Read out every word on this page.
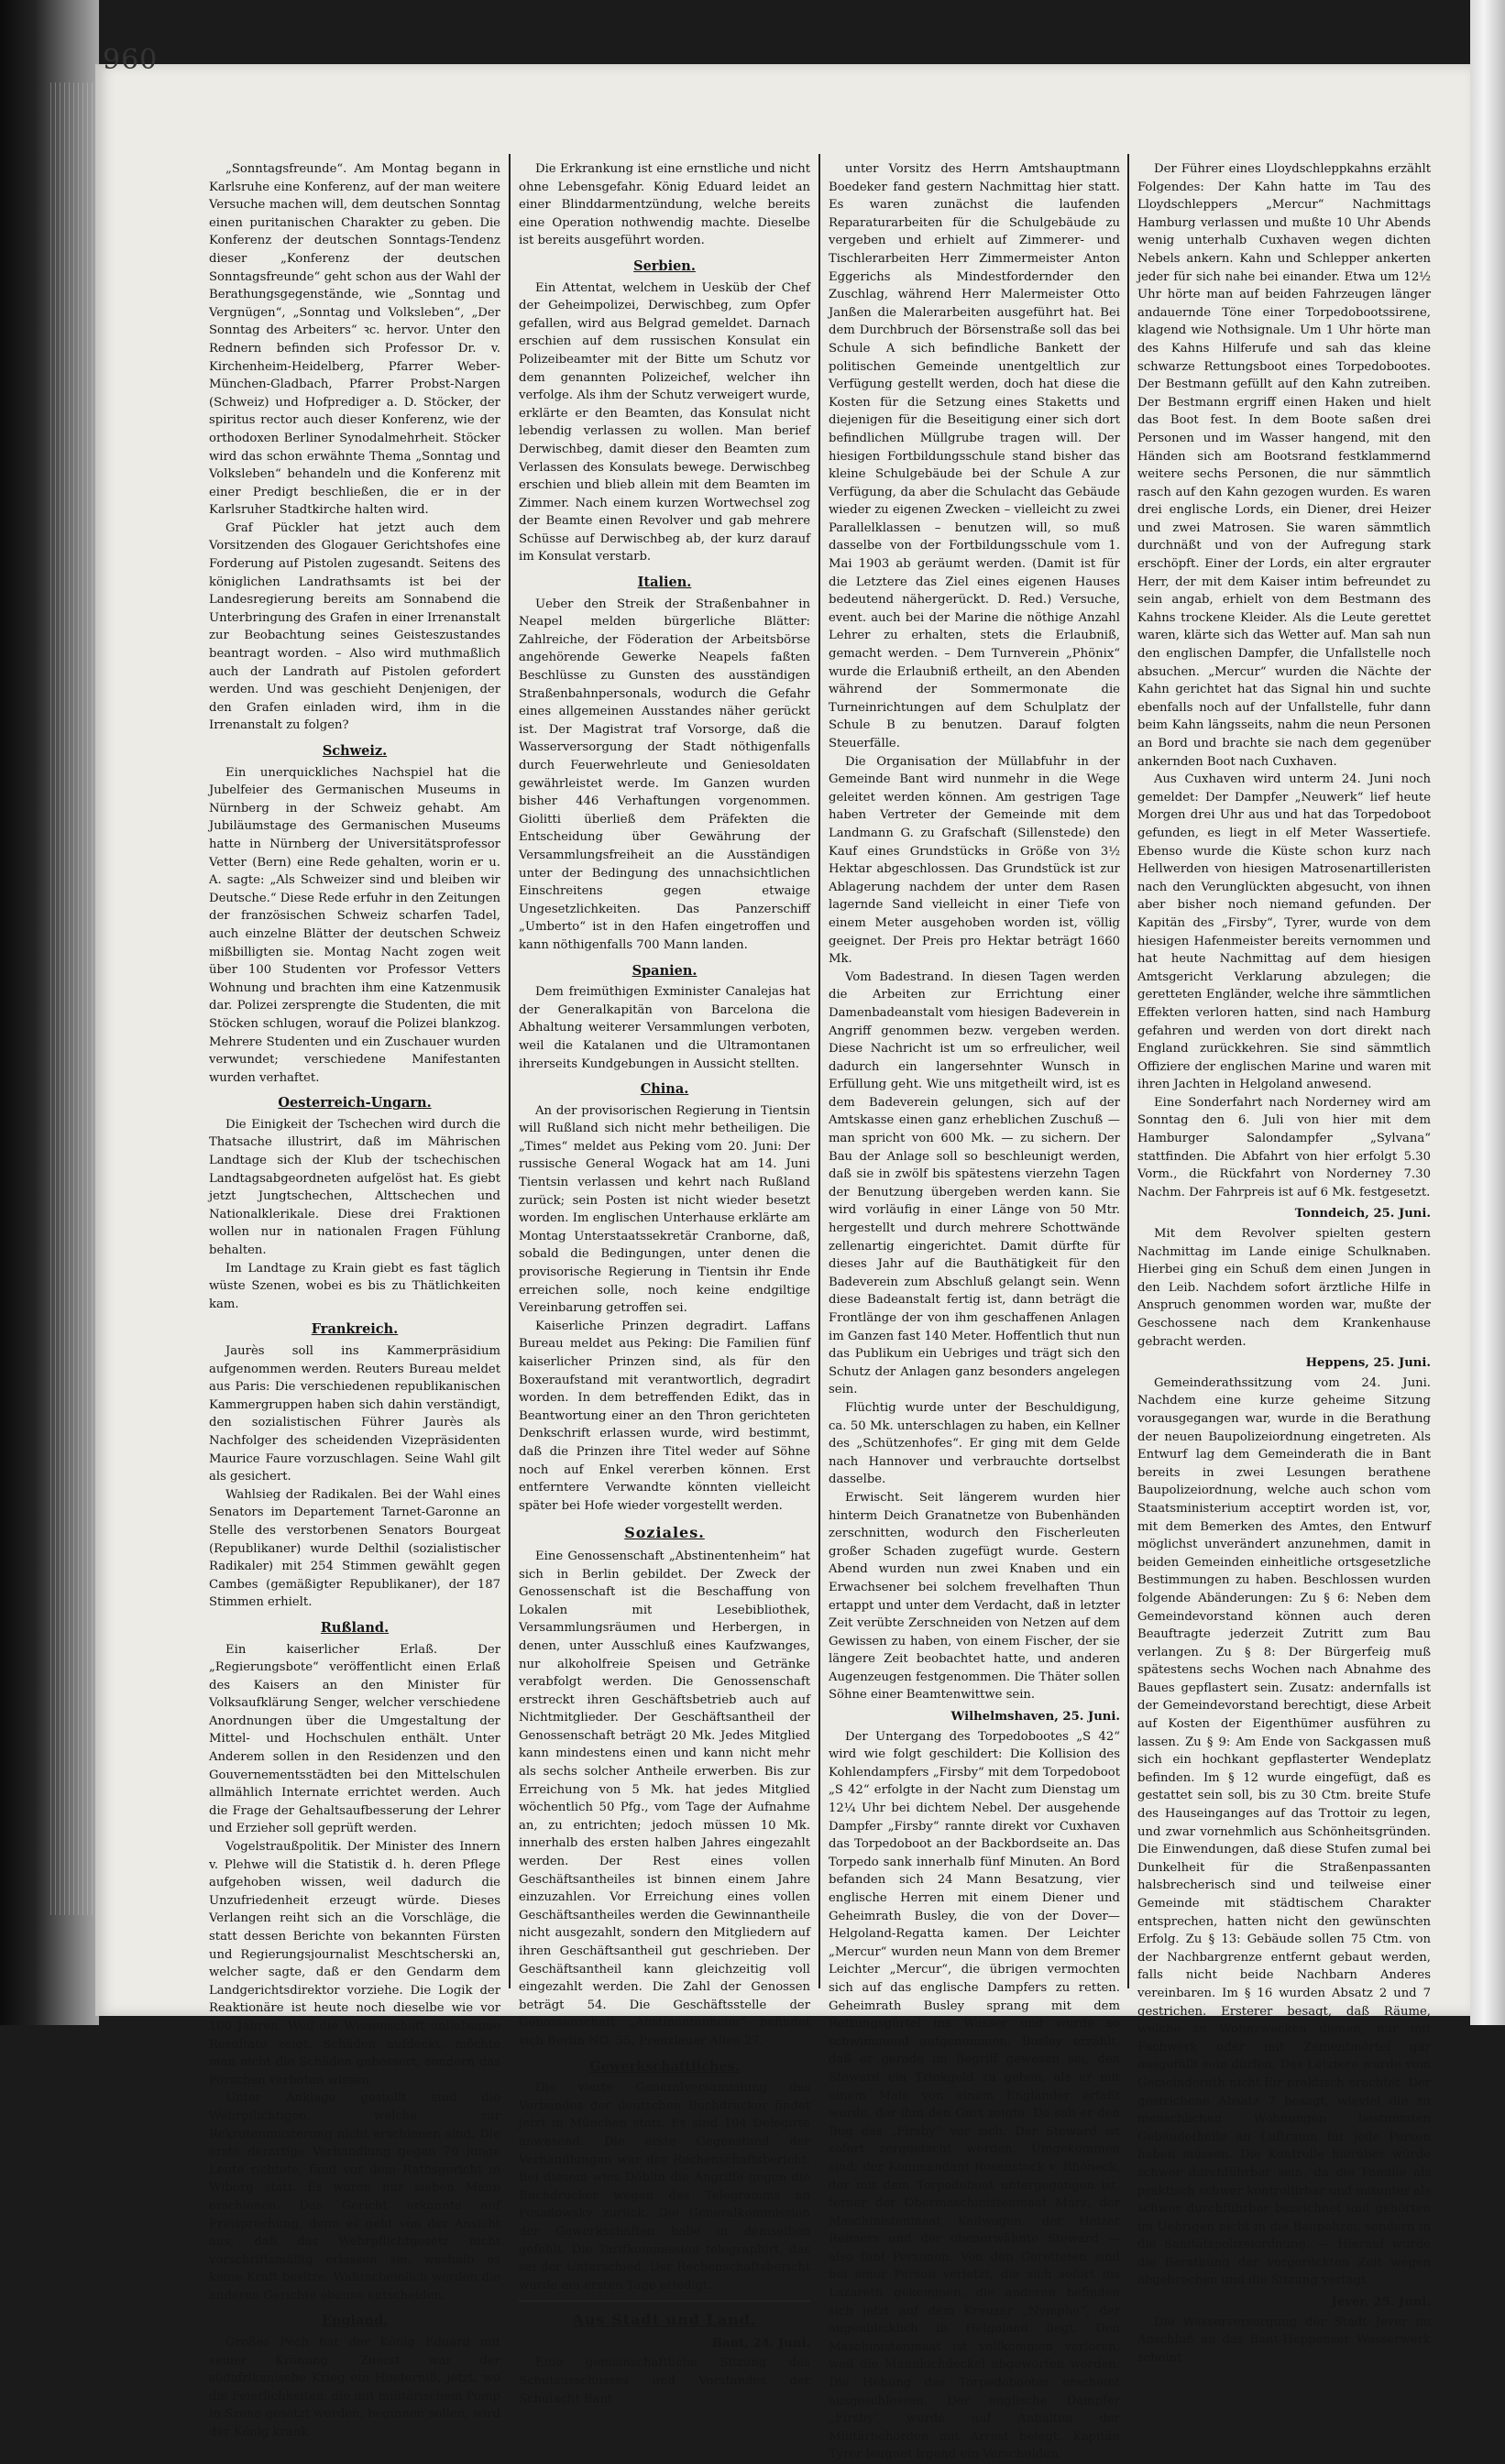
960

„Sonntagsfreunde“. Am Montag begann in Karlsruhe eine Konferenz, auf der man weitere Versuche machen will, dem deutschen Sonntag einen puritanischen Charakter zu geben. Die Konferenz der deutschen Sonntags-Tendenz dieser „Konferenz der deutschen Sonntagsfreunde“ geht schon aus der Wahl der Berathungsgegenstände, wie „Sonntag und Vergnügen“, „Sonntag und Volksleben“, „Der Sonntag des Arbeiters“ ꝛc. hervor. Unter den Rednern befinden sich Professor Dr. v. Kirchenheim-Heidelberg, Pfarrer Weber-München-Gladbach, Pfarrer Probst-Nargen (Schweiz) und Hofprediger a. D. Stöcker, der spiritus rector auch dieser Konferenz, wie der orthodoxen Berliner Synodalmehrheit. Stöcker wird das schon erwähnte Thema „Sonntag und Volksleben“ behandeln und die Konferenz mit einer Predigt beschließen, die er in der Karlsruher Stadtkirche halten wird.

Graf Pückler hat jetzt auch dem Vorsitzenden des Glogauer Gerichtshofes eine Forderung auf Pistolen zugesandt. Seitens des königlichen Landrathsamts ist bei der Landesregierung bereits am Sonnabend die Unterbringung des Grafen in einer Irrenanstalt zur Beobachtung seines Geisteszustandes beantragt worden. – Also wird muthmaßlich auch der Landrath auf Pistolen gefordert werden. Und was geschieht Denjenigen, der den Grafen einladen wird, ihm in die Irrenanstalt zu folgen?

Schweiz.

Ein unerquickliches Nachspiel hat die Jubelfeier des Germanischen Museums in Nürnberg in der Schweiz gehabt. Am Jubiläumstage des Germanischen Museums hatte in Nürnberg der Universitätsprofessor Vetter (Bern) eine Rede gehalten, worin er u. A. sagte: „Als Schweizer sind und bleiben wir Deutsche.“ Diese Rede erfuhr in den Zeitungen der französischen Schweiz scharfen Tadel, auch einzelne Blätter der deutschen Schweiz mißbilligten sie. Montag Nacht zogen weit über 100 Studenten vor Professor Vetters Wohnung und brachten ihm eine Katzenmusik dar. Polizei zersprengte die Studenten, die mit Stöcken schlugen, worauf die Polizei blankzog. Mehrere Studenten und ein Zuschauer wurden verwundet; verschiedene Manifestanten wurden verhaftet.

Oesterreich-Ungarn.

Die Einigkeit der Tschechen wird durch die Thatsache illustrirt, daß im Mährischen Landtage sich der Klub der tschechischen Landtagsabgeordneten aufgelöst hat. Es giebt jetzt Jungtschechen, Alttschechen und Nationalklerikale. Diese drei Fraktionen wollen nur in nationalen Fragen Fühlung behalten.

Im Landtage zu Krain giebt es fast täglich wüste Szenen, wobei es bis zu Thätlichkeiten kam.

Frankreich.

Jaurès soll ins Kammerpräsidium aufgenommen werden. Reuters Bureau meldet aus Paris: Die verschiedenen republikanischen Kammergruppen haben sich dahin verständigt, den sozialistischen Führer Jaurès als Nachfolger des scheidenden Vizepräsidenten Maurice Faure vorzuschlagen. Seine Wahl gilt als gesichert.

Wahlsieg der Radikalen. Bei der Wahl eines Senators im Departement Tarnet-Garonne an Stelle des verstorbenen Senators Bourgeat (Republikaner) wurde Delthil (sozialistischer Radikaler) mit 254 Stimmen gewählt gegen Cambes (gemäßigter Republikaner), der 187 Stimmen erhielt.

Rußland.

Ein kaiserlicher Erlaß. Der „Regierungsbote“ veröffentlicht einen Erlaß des Kaisers an den Minister für Volksaufklärung Senger, welcher verschiedene Anordnungen über die Umgestaltung der Mittel- und Hochschulen enthält. Unter Anderem sollen in den Residenzen und den Gouvernementsstädten bei den Mittelschulen allmählich Internate errichtet werden. Auch die Frage der Gehaltsaufbesserung der Lehrer und Erzieher soll geprüft werden.

Vogelstraußpolitik. Der Minister des Innern v. Plehwe will die Statistik d. h. deren Pflege aufgehoben wissen, weil dadurch die Unzufriedenheit erzeugt würde. Dieses Verlangen reiht sich an die Vorschläge, die statt dessen Berichte von bekannten Fürsten und Regierungsjournalist Meschtscherski an, welcher sagte, daß er den Gendarm dem Landgerichtsdirektor vorziehe. Die Logik der Reaktionäre ist heute noch dieselbe wie vor 100 Jahren. Weil die Wissenschaft unliebsame Resultate zeigt, Schäden aufdeckt, möchte man nicht die Schäden gebessert, sondern das Forschen verboten wissen.

Unter Anklage gestellt sind die Wehrpflichtigen, welche zur Rekrutenmusterung nicht erschienen sind. Die erste derartige Verhandlung gegen 70 junge Leute richtete, fand vor dem Rathsgericht in Wiborg statt. Es waren nur sieben Mann erschienen. Das Gericht erkannte auf Freisprechung, denn es geht von der Ansicht aus, daß das Wehrpflichtgesetz nicht vorschriftsmäßig erlassen sei, weshalb es keine Kraft besitze. Wahrscheinlich werden die anderen Gerichte ebenso entscheiden.

England.

Großes Pech hat der König Eduard mit seiner Krönung. Zuerst war der südafrikanische Krieg ein Hinderniß, jetzt, wo die Feierlichkeiten, die mit militärischem Pomp in Szene gesetzt werden, beginnen sollen, wird der König krank.

Die Erkrankung ist eine ernstliche und nicht ohne Lebensgefahr. König Eduard leidet an einer Blinddarmentzündung, welche bereits eine Operation nothwendig machte. Dieselbe ist bereits ausgeführt worden.

Serbien.

Ein Attentat, welchem in Uesküb der Chef der Geheimpolizei, Derwischbeg, zum Opfer gefallen, wird aus Belgrad gemeldet. Darnach erschien auf dem russischen Konsulat ein Polizeibeamter mit der Bitte um Schutz vor dem genannten Polizeichef, welcher ihn verfolge. Als ihm der Schutz verweigert wurde, erklärte er den Beamten, das Konsulat nicht lebendig verlassen zu wollen. Man berief Derwischbeg, damit dieser den Beamten zum Verlassen des Konsulats bewege. Derwischbeg erschien und blieb allein mit dem Beamten im Zimmer. Nach einem kurzen Wortwechsel zog der Beamte einen Revolver und gab mehrere Schüsse auf Derwischbeg ab, der kurz darauf im Konsulat verstarb.

Italien.

Ueber den Streik der Straßenbahner in Neapel melden bürgerliche Blätter: Zahlreiche, der Föderation der Arbeitsbörse angehörende Gewerke Neapels faßten Beschlüsse zu Gunsten des ausständigen Straßenbahnpersonals, wodurch die Gefahr eines allgemeinen Ausstandes näher gerückt ist. Der Magistrat traf Vorsorge, daß die Wasserversorgung der Stadt nöthigenfalls durch Feuerwehrleute und Geniesoldaten gewährleistet werde. Im Ganzen wurden bisher 446 Verhaftungen vorgenommen. Giolitti überließ dem Präfekten die Entscheidung über Gewährung der Versammlungsfreiheit an die Ausständigen unter der Bedingung des unnachsichtlichen Einschreitens gegen etwaige Ungesetzlichkeiten. Das Panzerschiff „Umberto“ ist in den Hafen eingetroffen und kann nöthigenfalls 700 Mann landen.

Spanien.

Dem freimüthigen Exminister Canalejas hat der Generalkapitän von Barcelona die Abhaltung weiterer Versammlungen verboten, weil die Katalanen und die Ultramontanen ihrerseits Kundgebungen in Aussicht stellten.

China.

An der provisorischen Regierung in Tientsin will Rußland sich nicht mehr betheiligen. Die „Times“ meldet aus Peking vom 20. Juni: Der russische General Wogack hat am 14. Juni Tientsin verlassen und kehrt nach Rußland zurück; sein Posten ist nicht wieder besetzt worden. Im englischen Unterhause erklärte am Montag Unterstaatssekretär Cranborne, daß, sobald die Bedingungen, unter denen die provisorische Regierung in Tientsin ihr Ende erreichen solle, noch keine endgiltige Vereinbarung getroffen sei.

Kaiserliche Prinzen degradirt. Laffans Bureau meldet aus Peking: Die Familien fünf kaiserlicher Prinzen sind, als für den Boxeraufstand mit verantwortlich, degradirt worden. In dem betreffenden Edikt, das in Beantwortung einer an den Thron gerichteten Denkschrift erlassen wurde, wird bestimmt, daß die Prinzen ihre Titel weder auf Söhne noch auf Enkel vererben können. Erst entferntere Verwandte könnten vielleicht später bei Hofe wieder vorgestellt werden.

Soziales.

Eine Genossenschaft „Abstinentenheim“ hat sich in Berlin gebildet. Der Zweck der Genossenschaft ist die Beschaffung von Lokalen mit Lesebibliothek, Versammlungsräumen und Herbergen, in denen, unter Ausschluß eines Kaufzwanges, nur alkoholfreie Speisen und Getränke verabfolgt werden. Die Genossenschaft erstreckt ihren Geschäftsbetrieb auch auf Nichtmitglieder. Der Geschäftsantheil der Genossenschaft beträgt 20 Mk. Jedes Mitglied kann mindestens einen und kann nicht mehr als sechs solcher Antheile erwerben. Bis zur Erreichung von 5 Mk. hat jedes Mitglied wöchentlich 50 Pfg., vom Tage der Aufnahme an, zu entrichten; jedoch müssen 10 Mk. innerhalb des ersten halben Jahres eingezahlt werden. Der Rest eines vollen Geschäftsantheiles ist binnen einem Jahre einzuzahlen. Vor Erreichung eines vollen Geschäftsantheiles werden die Gewinnantheile nicht ausgezahlt, sondern den Mitgliedern auf ihren Geschäftsantheil gut geschrieben. Der Geschäftsantheil kann gleichzeitig voll eingezahlt werden. Die Zahl der Genossen beträgt 54. Die Geschäftsstelle der Genossenschaft „Abstinentenheim“ befindet sich Berlin NO. 55, Prenzlauer Allee 27.

Gewerkschaftliches.

Die vierte Generalversammlung des Verbandes der deutschen Buchdrucker findet jetzt in München statt. Es sind 104 Delegirte anwesend. Die erste Gegenstand der Verhandlungen war der Rechenschaftsbericht. Bei diesem wies Döblin die Angriffe gegen die Buchdrucker wegen des Telegramms an Posadowsky zurück. Die Generalkommission der Gewerkschaften habe in demselben gefehlt. Die Tarifkommission telegraphirt, das sei der Unterschied. Der Rechenschaftsbericht wurde am ersten Tage erledigt.

Aus Stadt und Land.
Bant, 24. Juni.

Eine gemeinschaftliche Sitzung des Schulausschusses und Vorstandes der Schulacht Bant

unter Vorsitz des Herrn Amtshauptmann Boedeker fand gestern Nachmittag hier statt. Es waren zunächst die laufenden Reparaturarbeiten für die Schulgebäude zu vergeben und erhielt auf Zimmerer- und Tischlerarbeiten Herr Zimmermeister Anton Eggerichs als Mindestfordernder den Zuschlag, während Herr Malermeister Otto Janßen die Malerarbeiten ausgeführt hat. Bei dem Durchbruch der Börsenstraße soll das bei Schule A sich befindliche Bankett der politischen Gemeinde unentgeltlich zur Verfügung gestellt werden, doch hat diese die Kosten für die Setzung eines Staketts und diejenigen für die Beseitigung einer sich dort befindlichen Müllgrube tragen will. Der hiesigen Fortbildungsschule stand bisher das kleine Schulgebäude bei der Schule A zur Verfügung, da aber die Schulacht das Gebäude wieder zu eigenen Zwecken – vielleicht zu zwei Parallelklassen – benutzen will, so muß dasselbe von der Fortbildungsschule vom 1. Mai 1903 ab geräumt werden. (Damit ist für die Letztere das Ziel eines eigenen Hauses bedeutend nähergerückt. D. Red.) Versuche, event. auch bei der Marine die nöthige Anzahl Lehrer zu erhalten, stets die Erlaubniß, gemacht werden. – Dem Turnverein „Phönix“ wurde die Erlaubniß ertheilt, an den Abenden während der Sommermonate die Turneinrichtungen auf dem Schulplatz der Schule B zu benutzen. Darauf folgten Steuerfälle.

Die Organisation der Müllabfuhr in der Gemeinde Bant wird nunmehr in die Wege geleitet werden können. Am gestrigen Tage haben Vertreter der Gemeinde mit dem Landmann G. zu Grafschaft (Sillenstede) den Kauf eines Grundstücks in Größe von 3½ Hektar abgeschlossen. Das Grundstück ist zur Ablagerung nachdem der unter dem Rasen lagernde Sand vielleicht in einer Tiefe von einem Meter ausgehoben worden ist, völlig geeignet. Der Preis pro Hektar beträgt 1660 Mk.

Vom Badestrand. In diesen Tagen werden die Arbeiten zur Errichtung einer Damenbadeanstalt vom hiesigen Badeverein in Angriff genommen bezw. vergeben werden. Diese Nachricht ist um so erfreulicher, weil dadurch ein langersehnter Wunsch in Erfüllung geht. Wie uns mitgetheilt wird, ist es dem Badeverein gelungen, sich auf der Amtskasse einen ganz erheblichen Zuschuß — man spricht von 600 Mk. — zu sichern. Der Bau der Anlage soll so beschleunigt werden, daß sie in zwölf bis spätestens vierzehn Tagen der Benutzung übergeben werden kann. Sie wird vorläufig in einer Länge von 50 Mtr. hergestellt und durch mehrere Schottwände zellenartig eingerichtet. Damit dürfte für dieses Jahr auf die Bauthätigkeit für den Badeverein zum Abschluß gelangt sein. Wenn diese Badeanstalt fertig ist, dann beträgt die Frontlänge der von ihm geschaffenen Anlagen im Ganzen fast 140 Meter. Hoffentlich thut nun das Publikum ein Uebriges und trägt sich den Schutz der Anlagen ganz besonders angelegen sein.

Flüchtig wurde unter der Beschuldigung, ca. 50 Mk. unterschlagen zu haben, ein Kellner des „Schützenhofes“. Er ging mit dem Gelde nach Hannover und verbrauchte dortselbst dasselbe.

Erwischt. Seit längerem wurden hier hinterm Deich Granatnetze von Bubenhänden zerschnitten, wodurch den Fischerleuten großer Schaden zugefügt wurde. Gestern Abend wurden nun zwei Knaben und ein Erwachsener bei solchem frevelhaften Thun ertappt und unter dem Verdacht, daß in letzter Zeit verübte Zerschneiden von Netzen auf dem Gewissen zu haben, von einem Fischer, der sie längere Zeit beobachtet hatte, und anderen Augenzeugen festgenommen. Die Thäter sollen Söhne einer Beamtenwittwe sein.

Wilhelmshaven, 25. Juni.

Der Untergang des Torpedobootes „S 42“ wird wie folgt geschildert: Die Kollision des Kohlendampfers „Firsby“ mit dem Torpedoboot „S 42“ erfolgte in der Nacht zum Dienstag um 12¼ Uhr bei dichtem Nebel. Der ausgehende Dampfer „Firsby“ rannte direkt vor Cuxhaven das Torpedoboot an der Backbordseite an. Das Torpedo sank innerhalb fünf Minuten. An Bord befanden sich 24 Mann Besatzung, vier englische Herren mit einem Diener und Geheimrath Busley, die von der Dover—Helgoland-Regatta kamen. Der Leichter „Mercur“ wurden neun Mann von dem Bremer Leichter „Mercur“, die übrigen vermochten sich auf das englische Dampfers zu retten. Geheimrath Busley sprang mit dem Rettungsgürtel ins Wasser und wurde so schwimmend aufgenommen. Busley erzählt, daß er gerade im Begriff gewesen sei, den Steward ein Trinkgeld zu geben, als er mit einem Male von einem Engländer erfaßt wurde, der ihm den Gurt zeigte. Da sah er den Bug des „Firsby“ vor sich. Der Steward ist sofort zerquetscht worden. Umgekommen sind: der Kommandant Rosenstock v. Rhöneck, der mit dem Torpedoboot untergegangen ist, ferner der Obermaschinistenmaat März, der Maschinistenmaat Keilwagen, der Heizer Reimers und der obenerwähnte Steward — also fünf Personen. Von den Geretteten sind bei einer Person verletzt, die sich sofort ins Lazareth gekommen, die anderen befinden sich jetzt auf dem Kreuzer „Nymphe“, der augenblicklich in Helgoland liegt. Den Maschinistenmaat ist vollkommen verloren, weil die Mannlochdeckel abgeworfen worden. Die Hebung des Torpedobootes erscheint ausgeschlossen. Der englische Dampfer „Firsby“ wurde auf Anhalten der Militärbehörden mit Arrest belegt. Kapitän Tyrer leugnet irgend ein Verschulden.

Der Führer eines Lloydschleppkahns erzählt Folgendes: Der Kahn hatte im Tau des Lloydschleppers „Mercur“ Nachmittags Hamburg verlassen und mußte 10 Uhr Abends wenig unterhalb Cuxhaven wegen dichten Nebels ankern. Kahn und Schlepper ankerten jeder für sich nahe bei einander. Etwa um 12½ Uhr hörte man auf beiden Fahrzeugen länger andauernde Töne einer Torpedobootssirene, klagend wie Nothsignale. Um 1 Uhr hörte man des Kahns Hilferufe und sah das kleine schwarze Rettungsboot eines Torpedobootes. Der Bestmann gefüllt auf den Kahn zutreiben. Der Bestmann ergriff einen Haken und hielt das Boot fest. In dem Boote saßen drei Personen und im Wasser hangend, mit den Händen sich am Bootsrand festklammernd weitere sechs Personen, die nur sämmtlich rasch auf den Kahn gezogen wurden. Es waren drei englische Lords, ein Diener, drei Heizer und zwei Matrosen. Sie waren sämmtlich durchnäßt und von der Aufregung stark erschöpft. Einer der Lords, ein alter ergrauter Herr, der mit dem Kaiser intim befreundet zu sein angab, erhielt von dem Bestmann des Kahns trockene Kleider. Als die Leute gerettet waren, klärte sich das Wetter auf. Man sah nun den englischen Dampfer, die Unfallstelle noch absuchen. „Mercur“ wurden die Nächte der Kahn gerichtet hat das Signal hin und suchte ebenfalls noch auf der Unfallstelle, fuhr dann beim Kahn längsseits, nahm die neun Personen an Bord und brachte sie nach dem gegenüber ankernden Boot nach Cuxhaven.

Aus Cuxhaven wird unterm 24. Juni noch gemeldet: Der Dampfer „Neuwerk“ lief heute Morgen drei Uhr aus und hat das Torpedoboot gefunden, es liegt in elf Meter Wassertiefe. Ebenso wurde die Küste schon kurz nach Hellwerden von hiesigen Matrosenartilleristen nach den Verunglückten abgesucht, von ihnen aber bisher noch niemand gefunden. Der Kapitän des „Firsby“, Tyrer, wurde von dem hiesigen Hafenmeister bereits vernommen und hat heute Nachmittag auf dem hiesigen Amtsgericht Verklarung abzulegen; die geretteten Engländer, welche ihre sämmtlichen Effekten verloren hatten, sind nach Hamburg gefahren und werden von dort direkt nach England zurückkehren. Sie sind sämmtlich Offiziere der englischen Marine und waren mit ihren Jachten in Helgoland anwesend.

Eine Sonderfahrt nach Norderney wird am Sonntag den 6. Juli von hier mit dem Hamburger Salondampfer „Sylvana“ stattfinden. Die Abfahrt von hier erfolgt 5.30 Vorm., die Rückfahrt von Norderney 7.30 Nachm. Der Fahrpreis ist auf 6 Mk. festgesetzt.

Tonndeich, 25. Juni.

Mit dem Revolver spielten gestern Nachmittag im Lande einige Schulknaben. Hierbei ging ein Schuß dem einen Jungen in den Leib. Nachdem sofort ärztliche Hilfe in Anspruch genommen worden war, mußte der Geschossene nach dem Krankenhause gebracht werden.

Heppens, 25. Juni.

Gemeinderathssitzung vom 24. Juni. Nachdem eine kurze geheime Sitzung vorausgegangen war, wurde in die Berathung der neuen Baupolizeiordnung eingetreten. Als Entwurf lag dem Gemeinderath die in Bant bereits in zwei Lesungen berathene Baupolizeiordnung, welche auch schon vom Staatsministerium acceptirt worden ist, vor, mit dem Bemerken des Amtes, den Entwurf möglichst unverändert anzunehmen, damit in beiden Gemeinden einheitliche ortsgesetzliche Bestimmungen zu haben. Beschlossen wurden folgende Abänderungen: Zu § 6: Neben dem Gemeindevorstand können auch deren Beauftragte jederzeit Zutritt zum Bau verlangen. Zu § 8: Der Bürgerfeig muß spätestens sechs Wochen nach Abnahme des Baues gepflastert sein. Zusatz: andernfalls ist der Gemeindevorstand berechtigt, diese Arbeit auf Kosten der Eigenthümer ausführen zu lassen. Zu § 9: Am Ende von Sackgassen muß sich ein hochkant gepflasterter Wendeplatz befinden. Im § 12 wurde eingefügt, daß es gestattet sein soll, bis zu 30 Ctm. breite Stufe des Hauseinganges auf das Trottoir zu legen, und zwar vornehmlich aus Schönheitsgründen. Die Einwendungen, daß diese Stufen zumal bei Dunkelheit für die Straßenpassanten halsbrecherisch sind und teilweise einer Gemeinde mit städtischem Charakter entsprechen, hatten nicht den gewünschten Erfolg. Zu § 13: Gebäude sollen 75 Ctm. von der Nachbargrenze entfernt gebaut werden, falls nicht beide Nachbarn Anderes vereinbaren. Im § 16 wurden Absatz 2 und 7 gestrichen. Ersterer besagt, daß Räume, welche zu Wohnzwecken dienen, nur mit Fachwerk oder mit Zementmörtel gar ausgefüllt sein dürfen. Das Letztere wurde vom Gemeinderath nicht für praktisch erachtet. Der gestrichene Absatz 7 besagt, wieviel die zu menschlichen Wohnungen bestimmten Gebäudetheile an Luftraum für jede Person haben müssen. Die Kontrolle hierüber würde schwer durchführbar sein, da die Familie als praktisch schwer kontrollirbar und mitunter als schwer durchführbar bezeichnet und gehörten im Uebrigen nicht in die Baupolizei, sondern in die Sanitätspolizeiordnung. — Hierauf wurde die Berathung der vorgerückten Zeit wegen abgebrochen und die Sitzung vertagt.

Jever, 25. Juni.

Die Wasserversorgung der Stadt Jever im Anschluß an das Bant-Heppenser Wasserwerk scheint
